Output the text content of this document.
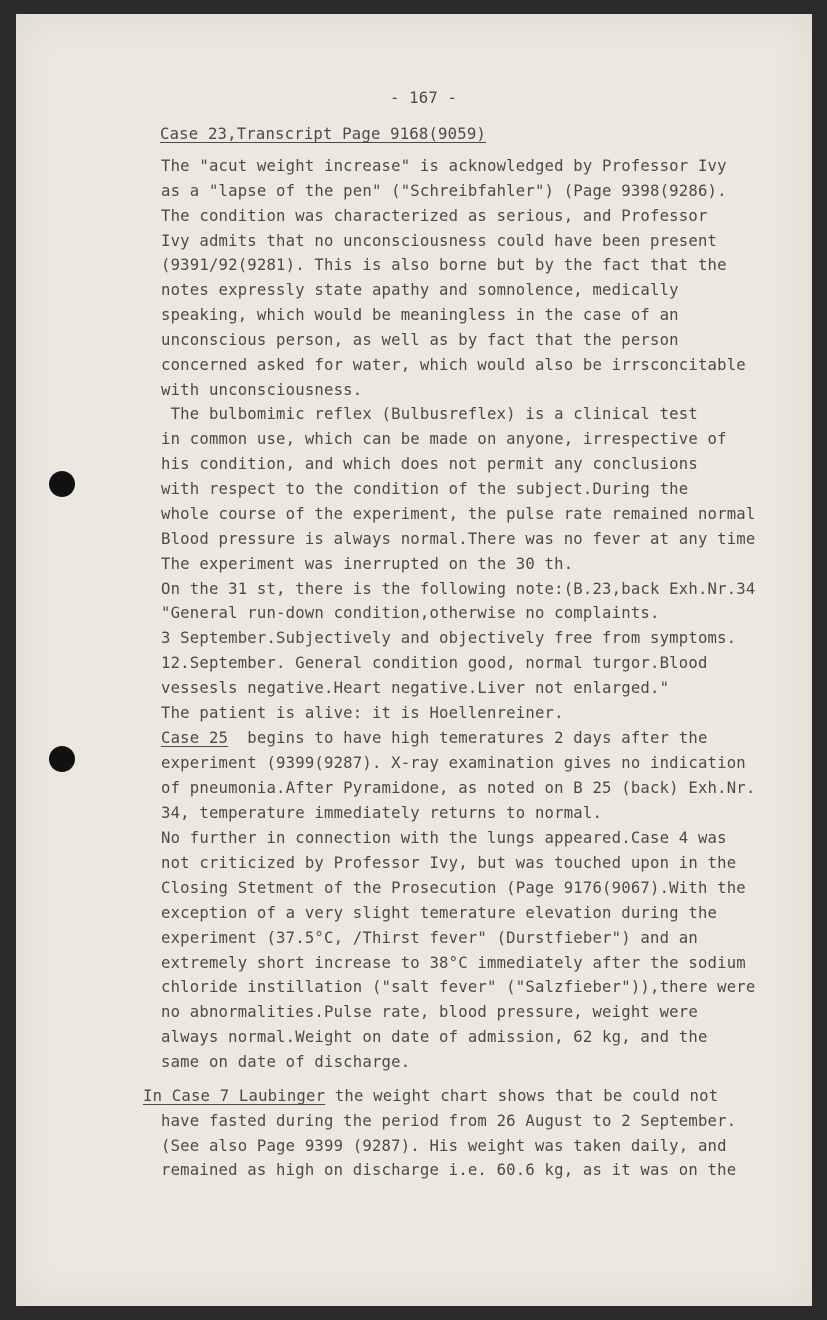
- 167 -
Case 23,Transcript Page 9168(9059)
The "acut weight increase" is acknowledged by Professor Ivy
as a "lapse of the pen" ("Schreibfahler") (Page 9398(9286).
The condition was characterized as serious, and Professor
Ivy admits that no unconsciousness could have been present
(9391/92(9281). This is also borne but by the fact that the
notes expressly state apathy and somnolence, medically
speaking, which would be meaningless in the case of an
unconscious person, as well as by fact that the person
concerned asked for water, which would also be irrsconcitable
with unconsciousness.
The bulbomimic reflex (Bulbusreflex) is a clinical test
in common use, which can be made on anyone, irrespective of
his condition, and which does not permit any conclusions
with respect to the condition of the subject.During the
whole course of the experiment, the pulse rate remained normal
Blood pressure is always normal.There was no fever at any time
The experiment was inerrupted on the 30 th.
On the 31 st, there is the following note:(B.23,back Exh.Nr.34
"General run-down condition,otherwise no complaints.
3 September.Subjectively and objectively free from symptoms.
12.September. General condition good, normal turgor.Blood
vessesls negative.Heart negative.Liver not enlarged."
The patient is alive: it is Hoellenreiner.
Case 25  begins to have high temeratures 2 days after the
experiment (9399(9287). X-ray examination gives no indication
of pneumonia.After Pyramidone, as noted on B 25 (back) Exh.Nr.
34, temperature immediately returns to normal.
No further in connection with the lungs appeared.Case 4 was
not criticized by Professor Ivy, but was touched upon in the
Closing Stetment of the Prosecution (Page 9176(9067).With the
exception of a very slight temerature elevation during the
experiment (37.5°C, /Thirst fever" (Durstfieber") and an
extremely short increase to 38°C immediately after the sodium
chloride instillation ("salt fever" ("Salzfieber")),there were
no abnormalities.Pulse rate, blood pressure, weight were
always normal.Weight on date of admission, 62 kg, and the
same on date of discharge.
In Case 7 Laubinger the weight chart shows that be could not
have fasted during the period from 26 August to 2 September.
(See also Page 9399 (9287). His weight was taken daily, and
remained as high on discharge i.e. 60.6 kg, as it was on the
